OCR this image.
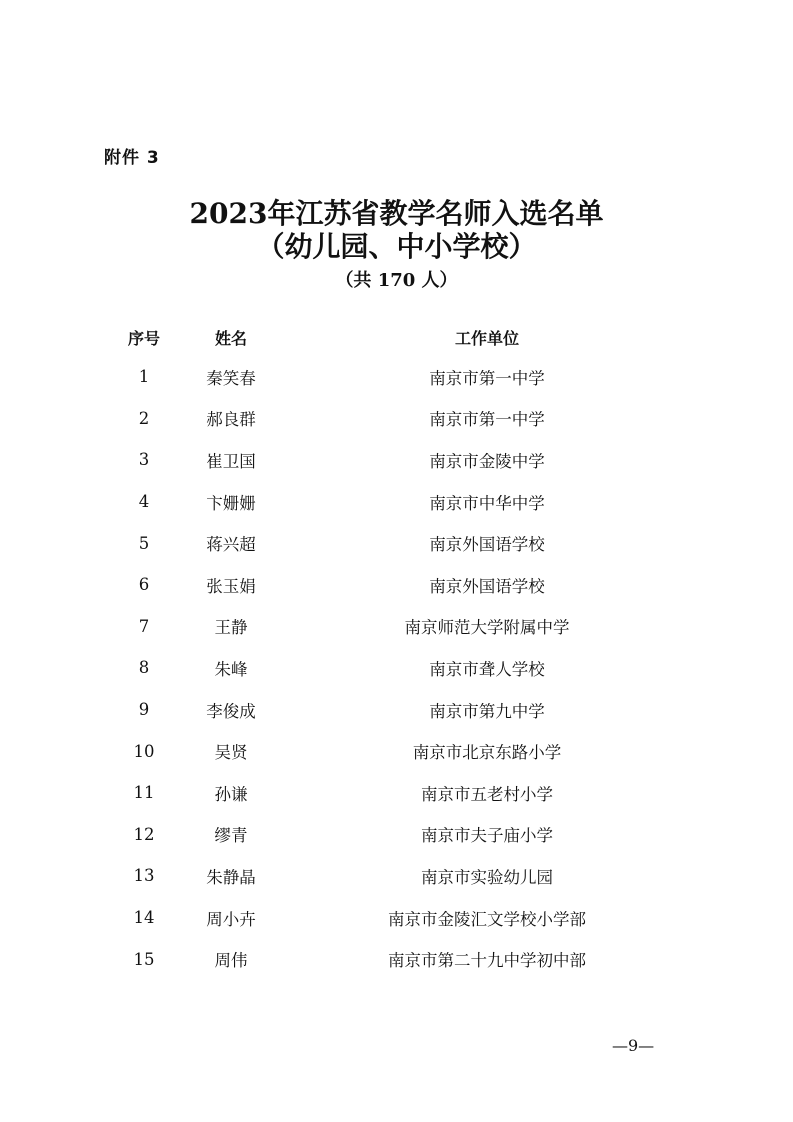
附件 3
2023年江苏省教学名师入选名单
（幼儿园、中小学校）
（共 170 人）
序号	姓名	工作单位
1	秦笑春	南京市第一中学
2	郝良群	南京市第一中学
3	崔卫国	南京市金陵中学
4	卞姗姗	南京市中华中学
5	蒋兴超	南京外国语学校
6	张玉娟	南京外国语学校
7	王静	南京师范大学附属中学
8	朱峰	南京市聋人学校
9	李俊成	南京市第九中学
10	吴贤	南京市北京东路小学
11	孙谦	南京市五老村小学
12	缪青	南京市夫子庙小学
13	朱静晶	南京市实验幼儿园
14	周小卉	南京市金陵汇文学校小学部
15	周伟	南京市第二十九中学初中部
—9—
